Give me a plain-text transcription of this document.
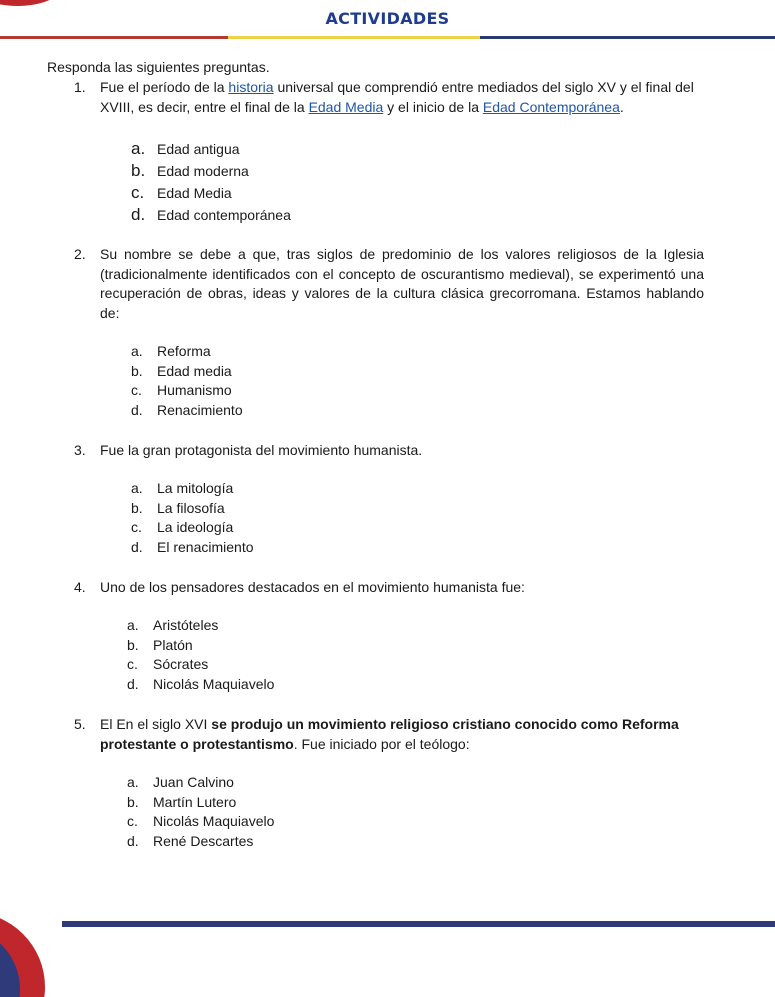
ACTIVIDADES
Responda las siguientes preguntas.
1. Fue el período de la historia universal que comprendió entre mediados del siglo XV y el final del XVIII, es decir, entre el final de la Edad Media y el inicio de la Edad Contemporánea.
a. Edad antigua
b. Edad moderna
c. Edad Media
d. Edad contemporánea
2. Su nombre se debe a que, tras siglos de predominio de los valores religiosos de la Iglesia (tradicionalmente identificados con el concepto de oscurantismo medieval), se experimentó una recuperación de obras, ideas y valores de la cultura clásica grecorromana. Estamos hablando de:
a. Reforma
b. Edad media
c. Humanismo
d. Renacimiento
3. Fue la gran protagonista del movimiento humanista.
a. La mitología
b. La filosofía
c. La ideología
d. El renacimiento
4. Uno de los pensadores destacados en el movimiento humanista fue:
a. Aristóteles
b. Platón
c. Sócrates
d. Nicolás Maquiavelo
5. El En el siglo XVI se produjo un movimiento religioso cristiano conocido como Reforma protestante o protestantismo. Fue iniciado por el teólogo:
a. Juan Calvino
b. Martín Lutero
c. Nicolás Maquiavelo
d. René Descartes
